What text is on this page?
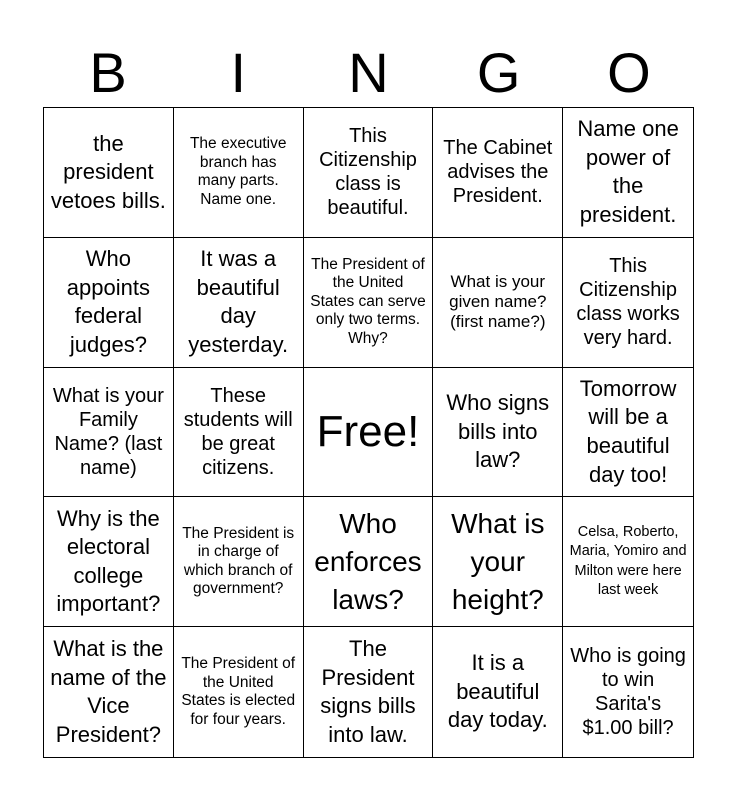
B	I	N	G	O
the president vetoes bills.
The executive branch has many parts. Name one.
This Citizenship class is beautiful.
The Cabinet advises the President.
Name one power of the president.
Who appoints federal judges?
It was a beautiful day yesterday.
The President of the United States can serve only two terms. Why?
What is your given name? (first name?)
This Citizenship class works very hard.
What is your Family Name? (last name)
These students will be great citizens.
Free!
Who signs bills into law?
Tomorrow will be a beautiful day too!
Why is the electoral college important?
The President is in charge of which branch of government?
Who enforces laws?
What is your height?
Celsa, Roberto, Maria, Yomiro and Milton were here last week
What is the name of the Vice President?
The President of the United States is elected for four years.
The President signs bills into law.
It is a beautiful day today.
Who is going to win Sarita's $1.00 bill?
